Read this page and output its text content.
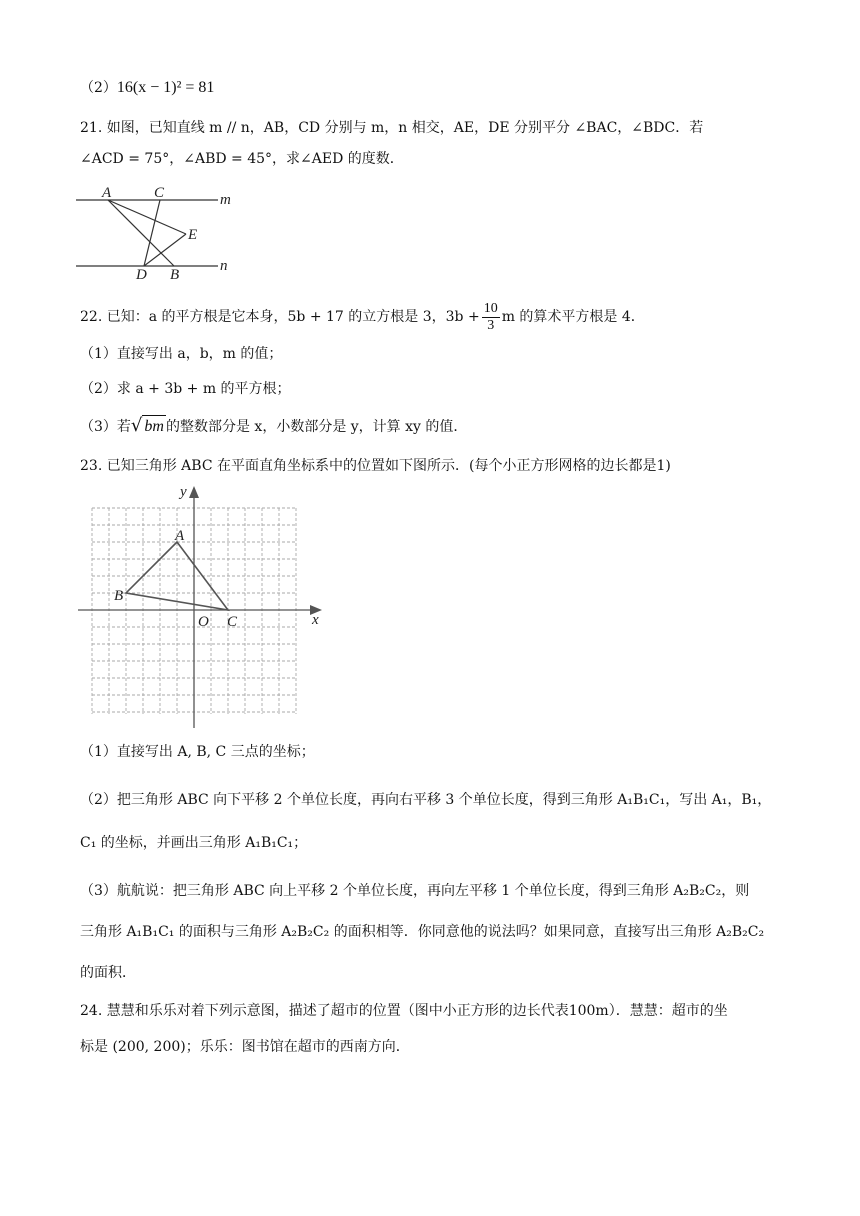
（2）16(x − 1)² = 81
21. 如图，已知直线 m // n，AB，CD 分别与 m，n 相交，AE，DE 分别平分 ∠BAC，∠BDC．若
∠ACD = 75°，∠ABD = 45°，求∠AED 的度数．
A	C
E
D B
m
n
22. 已知：a 的平方根是它本身，5b + 17 的立方根是 3，$3b + \frac{10}{3}$ m 的算术平方根是 4．
（1）直接写出 a，b，m 的值；
（2）求 a + 3b + m 的平方根；
（3）若√ bm 的整数部分是 x，小数部分是 y，计算 xy 的值．
23. 已知三角形 ABC 在平面直角坐标系中的位置如下图所示．(每个小正方形网格的边长都是1)
y
x
A
B
O C
（1）直接写出 A, B, C 三点的坐标；
（2）把三角形 ABC 向下平移 2 个单位长度，再向右平移 3 个单位长度，得到三角形 A₁B₁C₁，写出 A₁，B₁，
C₁ 的坐标，并画出三角形 A₁B₁C₁；
（3）航航说：把三角形 ABC 向上平移 2 个单位长度，再向左平移 1 个单位长度，得到三角形 A₂B₂C₂，则
三角形 A₁B₁C₁ 的面积与三角形 A₂B₂C₂ 的面积相等．你同意他的说法吗？如果同意，直接写出三角形 A₂B₂C₂
的面积．
24. 慧慧和乐乐对着下列示意图，描述了超市的位置（图中小正方形的边长代表100m）．慧慧：超市的坐
标是 (200, 200)；乐乐：图书馆在超市的西南方向．
